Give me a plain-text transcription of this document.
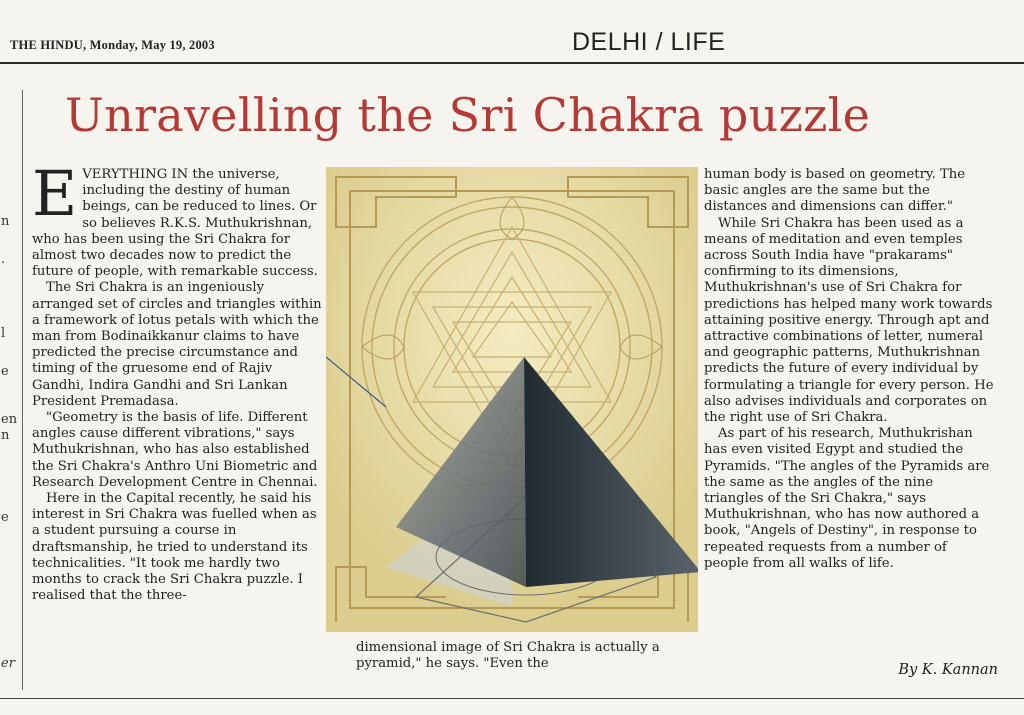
THE HINDU, Monday, May 19, 2003	DELHI / LIFE
n
.
l
e
en
n
e
er
Unravelling the Sri Chakra puzzle

EVERYTHING IN the universe, including the destiny of human beings, can be reduced to lines. Or so believes R.K.S. Muthukrishnan, who has been using the Sri Chakra for almost two decades now to predict the future of people, with remarkable success.

The Sri Chakra is an ingeniously arranged set of circles and triangles within a framework of lotus petals with which the man from Bodinaikkanur claims to have predicted the precise circumstance and timing of the gruesome end of Rajiv Gandhi, Indira Gandhi and Sri Lankan President Premadasa.

"Geometry is the basis of life. Different angles cause different vibrations," says Muthukrishnan, who has also established the Sri Chakra's Anthro Uni Biometric and Research Development Centre in Chennai.

Here in the Capital recently, he said his interest in Sri Chakra was fuelled when as a student pursuing a course in draftsmanship, he tried to understand its technicalities. "It took me hardly two months to crack the Sri Chakra puzzle. I realised that the three-

dimensional image of Sri Chakra is actually a pyramid," he says. "Even the

human body is based on geometry. The basic angles are the same but the distances and dimensions can differ."

While Sri Chakra has been used as a means of meditation and even temples across South India have "prakarams" confirming to its dimensions, Muthukrishnan's use of Sri Chakra for predictions has helped many work towards attaining positive energy. Through apt and attractive combinations of letter, numeral and geographic patterns, Muthukrishnan predicts the future of every individual by formulating a triangle for every person. He also advises individuals and corporates on the right use of Sri Chakra.

As part of his research, Muthukrishan has even visited Egypt and studied the Pyramids. "The angles of the Pyramids are the same as the angles of the nine triangles of the Sri Chakra," says Muthukrishnan, who has now authored a book, "Angels of Destiny", in response to repeated requests from a number of people from all walks of life.

By K. Kannan
